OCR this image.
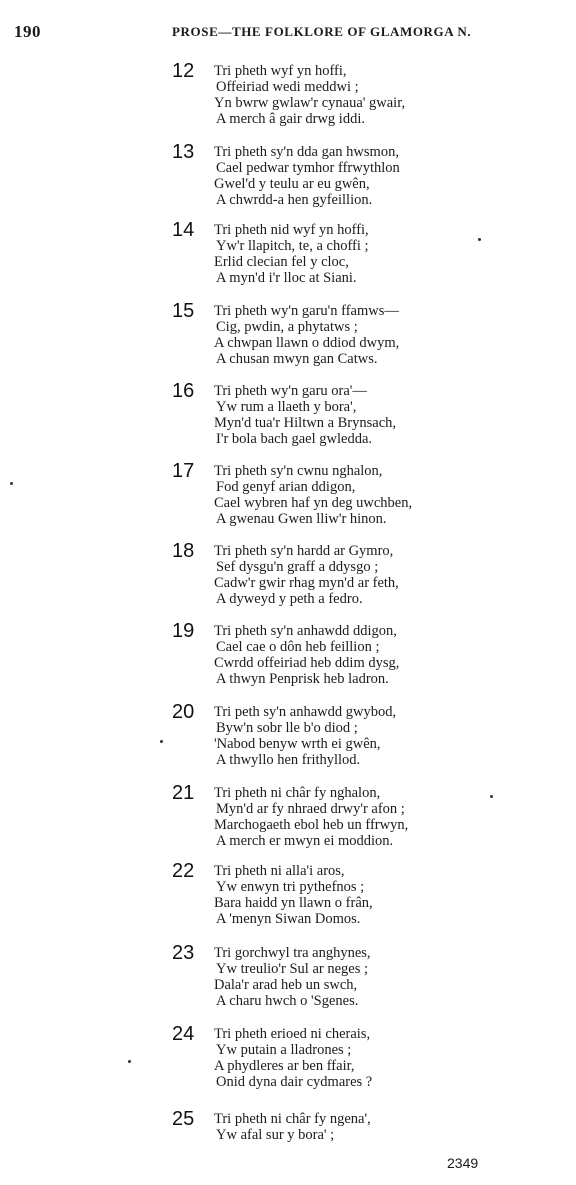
190	PROSE—THE FOLKLORE OF GLAMORGA N.
12	Tri pheth wyf yn hoffi,
Offeiriad wedi meddwi ;
Yn bwrw gwlaw'r cynaua' gwair,
A merch â gair drwg iddi.
13	Tri pheth sy'n dda gan hwsmon,
Cael pedwar tymhor ffrwythlon
Gwel'd y teulu ar eu gwên,
A chwrdd-a hen gyfeillion.
14	Tri pheth nid wyf yn hoffi,
Yw'r llapitch, te, a choffi ;
Erlid clecian fel y cloc,
A myn'd i'r lloc at Siani.
15	Tri pheth wy'n garu'n ffamws—
Cig, pwdin, a phytatws ;
A chwpan llawn o ddiod dwym,
A chusan mwyn gan Catws.
16	Tri pheth wy'n garu ora'—
Yw rum a llaeth y bora',
Myn'd tua'r Hiltwn a Brynsach,
I'r bola bach gael gwledda.
17	Tri pheth sy'n cwnu nghalon,
Fod genyf arian ddigon,
Cael wybren haf yn deg uwchben,
A gwenau Gwen lliw'r hinon.
18	Tri pheth sy'n hardd ar Gymro,
Sef dysgu'n graff a ddysgo ;
Cadw'r gwir rhag myn'd ar feth,
A dyweyd y peth a fedro.
19	Tri pheth sy'n anhawdd ddigon,
Cael cae o dôn heb feillion ;
Cwrdd offeiriad heb ddim dysg,
A thwyn Penprisk heb ladron.
20	Tri peth sy'n anhawdd gwybod,
Byw'n sobr lle b'o diod ;
'Nabod benyw wrth ei gwên,
A thwyllo hen frithyllod.
21	Tri pheth ni châr fy nghalon,
Myn'd ar fy nhraed drwy'r afon ;
Marchogaeth ebol heb un ffrwyn,
A merch er mwyn ei moddion.
22	Tri pheth ni alla'i aros,
Yw enwyn tri pythefnos ;
Bara haidd yn llawn o frân,
A 'menyn Siwan Domos.
23	Tri gorchwyl tra anghynes,
Yw treulio'r Sul ar neges ;
Dala'r arad heb un swch,
A charu hwch o 'Sgenes.
24	Tri pheth erioed ni cherais,
Yw putain a lladrones ;
A phydleres ar ben ffair,
Onid dyna dair cydmares ?
25	Tri pheth ni châr fy ngena',
Yw afal sur y bora' ;
2349
